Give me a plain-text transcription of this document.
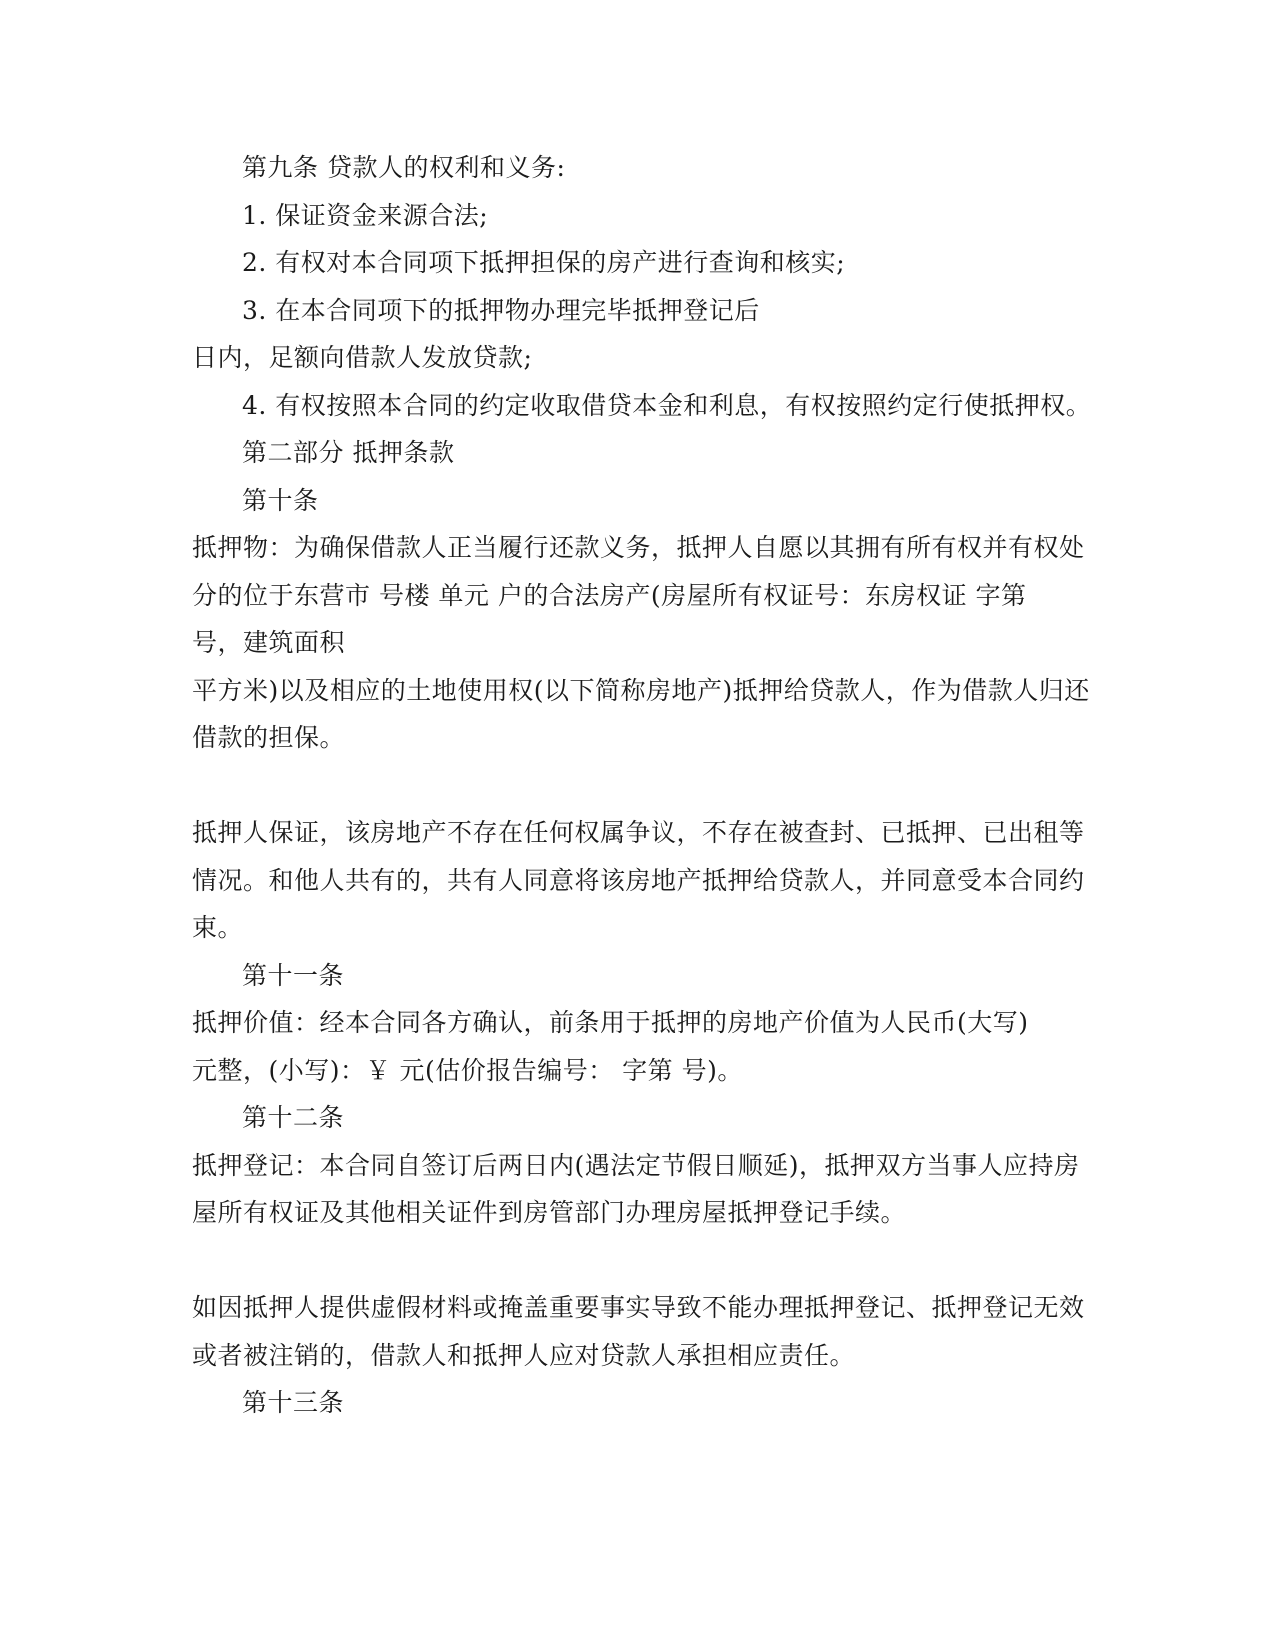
第九条 贷款人的权利和义务:
1. 保证资金来源合法;
2. 有权对本合同项下抵押担保的房产进行查询和核实;
3. 在本合同项下的抵押物办理完毕抵押登记后
日内，足额向借款人发放贷款;
4. 有权按照本合同的约定收取借贷本金和利息，有权按照约定行使抵押权。
第二部分 抵押条款
第十条
抵押物：为确保借款人正当履行还款义务，抵押人自愿以其拥有所有权并有权处
分的位于东营市 号楼 单元 户的合法房产(房屋所有权证号：东房权证 字第
号，建筑面积
平方米)以及相应的土地使用权(以下简称房地产)抵押给贷款人，作为借款人归还
借款的担保。
抵押人保证，该房地产不存在任何权属争议，不存在被查封、已抵押、已出租等
情况。和他人共有的，共有人同意将该房地产抵押给贷款人，并同意受本合同约
束。
第十一条
抵押价值：经本合同各方确认，前条用于抵押的房地产价值为人民币(大写)
元整，(小写)：￥ 元(估价报告编号： 字第 号)。
第十二条
抵押登记：本合同自签订后两日内(遇法定节假日顺延)，抵押双方当事人应持房
屋所有权证及其他相关证件到房管部门办理房屋抵押登记手续。
如因抵押人提供虚假材料或掩盖重要事实导致不能办理抵押登记、抵押登记无效
或者被注销的，借款人和抵押人应对贷款人承担相应责任。
第十三条
